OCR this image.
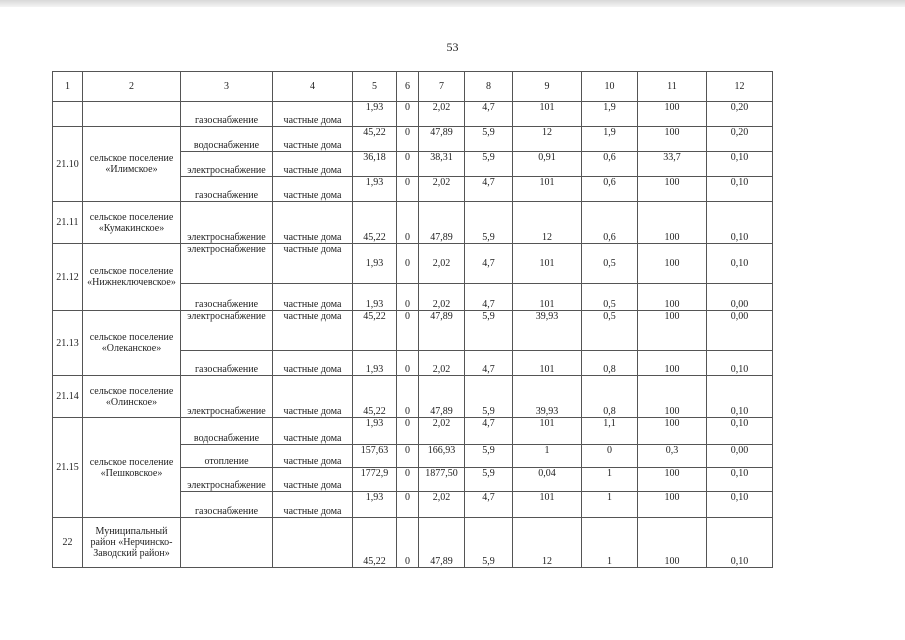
53
1	2	3	4	5	6	7	8	9	10	11	12
		газоснабжение	частные дома	1,93	0	2,02	4,7	101	1,9	100	0,20
21.10	сельское поселение «Илимское»	водоснабжение	частные дома	45,22	0	47,89	5,9	12	1,9	100	0,20
		электроснабжение	частные дома	36,18	0	38,31	5,9	0,91	0,6	33,7	0,10
		газоснабжение	частные дома	1,93	0	2,02	4,7	101	0,6	100	0,10
21.11	сельское поселение «Кумакинское»	электроснабжение	частные дома	45,22	0	47,89	5,9	12	0,6	100	0,10
21.12	сельское поселение «Нижнеключевское»	электроснабжение	частные дома	1,93	0	2,02	4,7	101	0,5	100	0,10
		газоснабжение	частные дома	1,93	0	2,02	4,7	101	0,5	100	0,00
21.13	сельское поселение «Олеканское»	электроснабжение	частные дома	45,22	0	47,89	5,9	39,93	0,5	100	0,00
		газоснабжение	частные дома	1,93	0	2,02	4,7	101	0,8	100	0,10
21.14	сельское поселение «Олинское»	электроснабжение	частные дома	45,22	0	47,89	5,9	39,93	0,8	100	0,10
21.15	сельское поселение «Пешковское»	водоснабжение	частные дома	1,93	0	2,02	4,7	101	1,1	100	0,10
		отопление	частные дома	157,63	0	166,93	5,9	1	0	0,3	0,00
		электроснабжение	частные дома	1772,9	0	1877,50	5,9	0,04	1	100	0,10
		газоснабжение	частные дома	1,93	0	2,02	4,7	101	1	100	0,10
22	Муниципальный район «Нерчинско-Заводский район»			45,22	0	47,89	5,9	12	1	100	0,10
